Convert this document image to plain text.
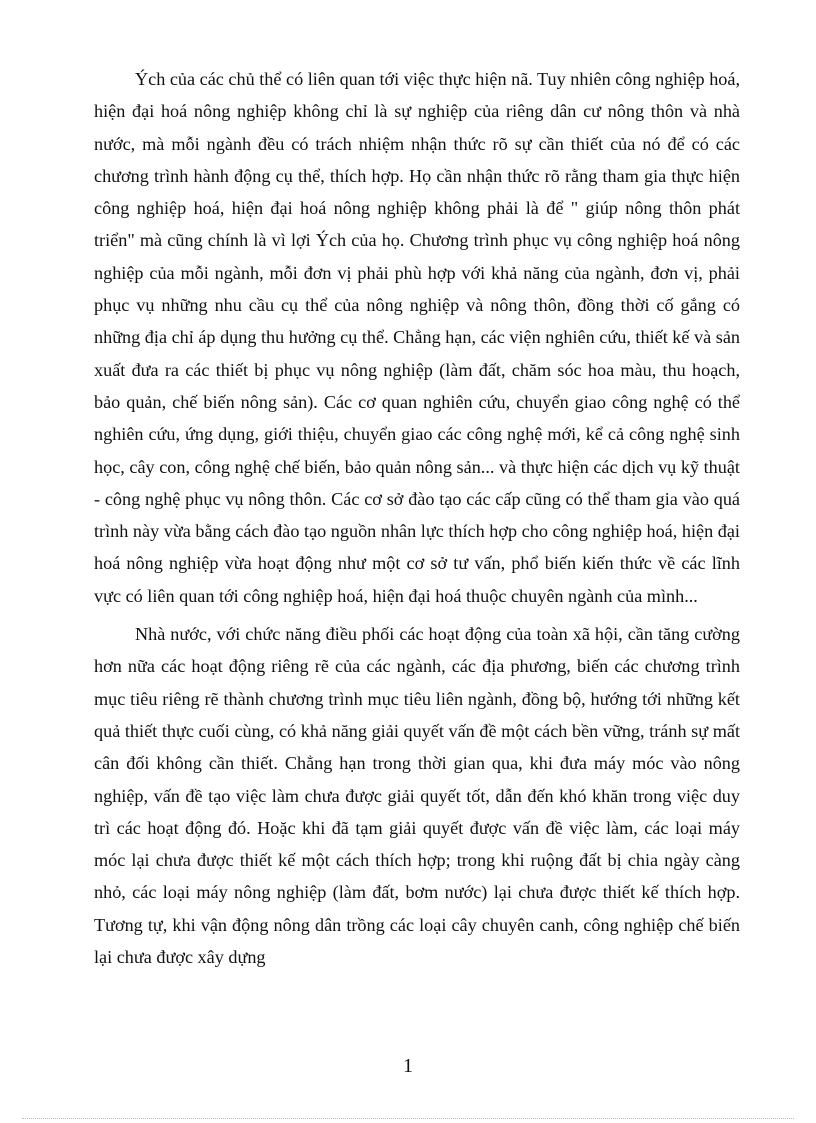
Ých của các chủ thể có liên quan tới việc thực hiện nã. Tuy nhiên công nghiệp hoá, hiện đại hoá nông nghiệp không chỉ là sự nghiệp của riêng dân cư nông thôn và nhà nước, mà mỗi ngành đều có trách nhiệm nhận thức rõ sự cần thiết của nó để có các chương trình hành động cụ thể, thích hợp. Họ cần nhận thức rõ rằng tham gia thực hiện công nghiệp hoá, hiện đại hoá nông nghiệp không phải là để " giúp nông thôn phát triển" mà cũng chính là vì lợi Ých của họ. Chương trình phục vụ công nghiệp hoá nông nghiệp của mỗi ngành, mỗi đơn vị phải phù hợp với khả năng của ngành, đơn vị, phải phục vụ những nhu cầu cụ thể của nông nghiệp và nông thôn, đồng thời cố gắng có những địa chỉ áp dụng thu hưởng cụ thể. Chẳng hạn, các viện nghiên cứu, thiết kế và sản xuất đưa ra các thiết bị phục vụ nông nghiệp (làm đất, chăm sóc hoa màu, thu hoạch, bảo quản, chế biến nông sản). Các cơ quan nghiên cứu, chuyển giao công nghệ có thể nghiên cứu, ứng dụng, giới thiệu, chuyển giao các công nghệ mới, kể cả công nghệ sinh học, cây con, công nghệ chế biến, bảo quản nông sản... và thực hiện các dịch vụ kỹ thuật - công nghệ phục vụ nông thôn. Các cơ sở đào tạo các cấp cũng có thể tham gia vào quá trình này vừa bằng cách đào tạo nguồn nhân lực thích hợp cho công nghiệp hoá, hiện đại hoá nông nghiệp vừa hoạt động như một cơ sở tư vấn, phổ biến kiến thức về các lĩnh vực có liên quan tới công nghiệp hoá, hiện đại hoá thuộc chuyên ngành của mình...

Nhà nước, với chức năng điều phối các hoạt động của toàn xã hội, cần tăng cường hơn nữa các hoạt động riêng rẽ của các ngành, các địa phương, biến các chương trình mục tiêu riêng rẽ thành chương trình mục tiêu liên ngành, đồng bộ, hướng tới những kết quả thiết thực cuối cùng, có khả năng giải quyết vấn đề một cách bền vững, tránh sự mất cân đối không cần thiết. Chẳng hạn trong thời gian qua, khi đưa máy móc vào nông nghiệp, vấn đề tạo việc làm chưa được giải quyết tốt, dẫn đến khó khăn trong việc duy trì các hoạt động đó. Hoặc khi đã tạm giải quyết được vấn đề việc làm, các loại máy móc lại chưa được thiết kế một cách thích hợp; trong khi ruộng đất bị chia ngày càng nhỏ, các loại máy nông nghiệp (làm đất, bơm nước) lại chưa được thiết kế thích hợp. Tương tự, khi vận động nông dân trồng các loại cây chuyên canh, công nghiệp chế biến lại chưa được xây dựng

1
